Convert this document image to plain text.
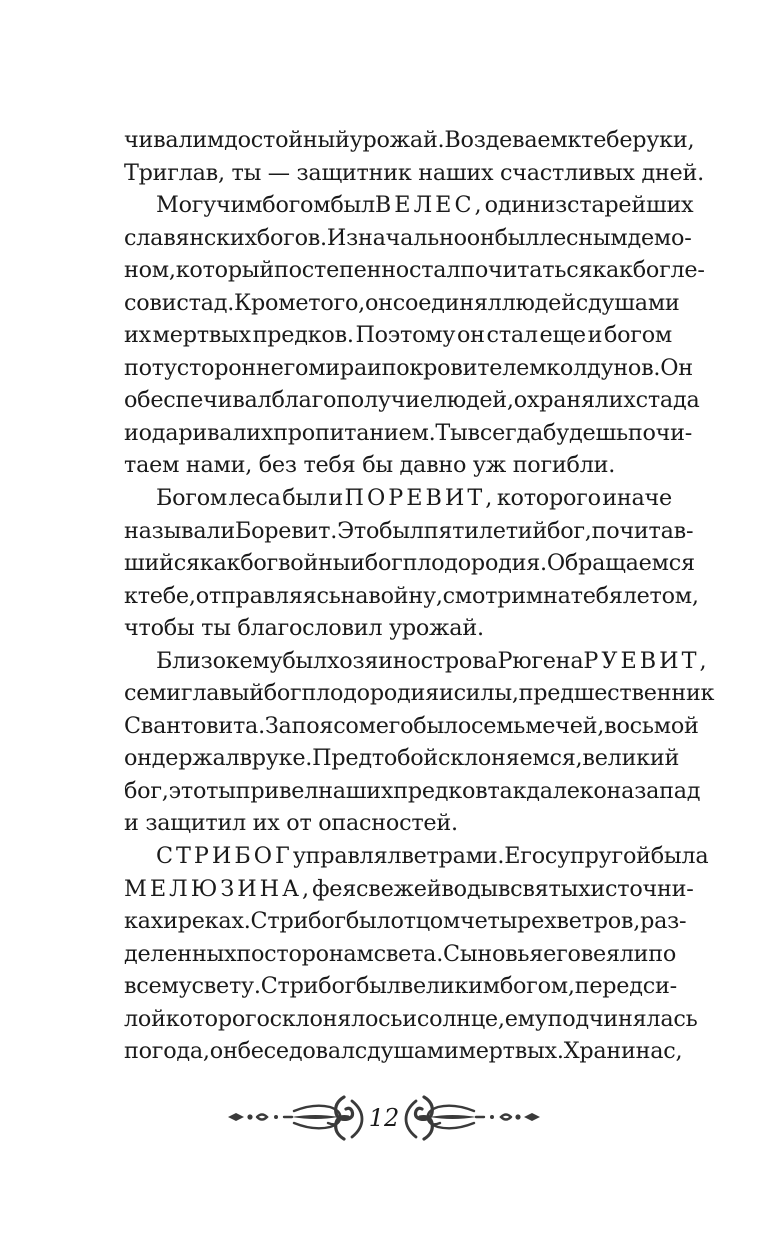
чивал им достойный урожай. Воздеваем к тебе руки,
Триглав, ты — защитник наших счастливых дней.
Могучим богом был ВЕЛЕС, один из старейших
славянских богов. Изначально он был лесным демо-
ном, который постепенно стал почитаться как бог ле-
сов и стад. Кроме того, он соединял людей с душами
их мертвых предков. Поэтому он стал еще и богом
потустороннего мира и покровителем колдунов. Он
обеспечивал благополучие людей, охранял их стада
и одаривал их пропитанием. Ты всегда будешь почи-
таем нами, без тебя бы давно уж погибли.
Богом леса был и ПОРЕВИТ, которого иначе
называли Боревит. Это был пятилетий бог, почитав-
шийся как бог войны и бог плодородия. Обращаемся
к тебе, отправляясь на войну, смотрим на тебя летом,
чтобы ты благословил урожай.
Близок ему был хозяин острова Рюгена РУЕВИТ,
семиглавый бог плодородия и силы, предшественник
Свантовита. За поясом его было семь мечей, восьмой
он держал в руке. Пред тобой склоняемся, великий
бог, это ты привел наших предков так далеко на запад
и защитил их от опасностей.
СТРИБОГ управлял ветрами. Его супругой была
МЕЛЮЗИНА, фея свежей воды в святых источни-
ках и реках. Стрибог был отцом четырех ветров, раз-
деленных по сторонам света. Сыновья его веяли по
всему свету. Стрибог был великим богом, перед си-
лой которого склонялось и солнце, ему подчинялась
погода, он беседовал с душами мертвых. Храни нас,
12
